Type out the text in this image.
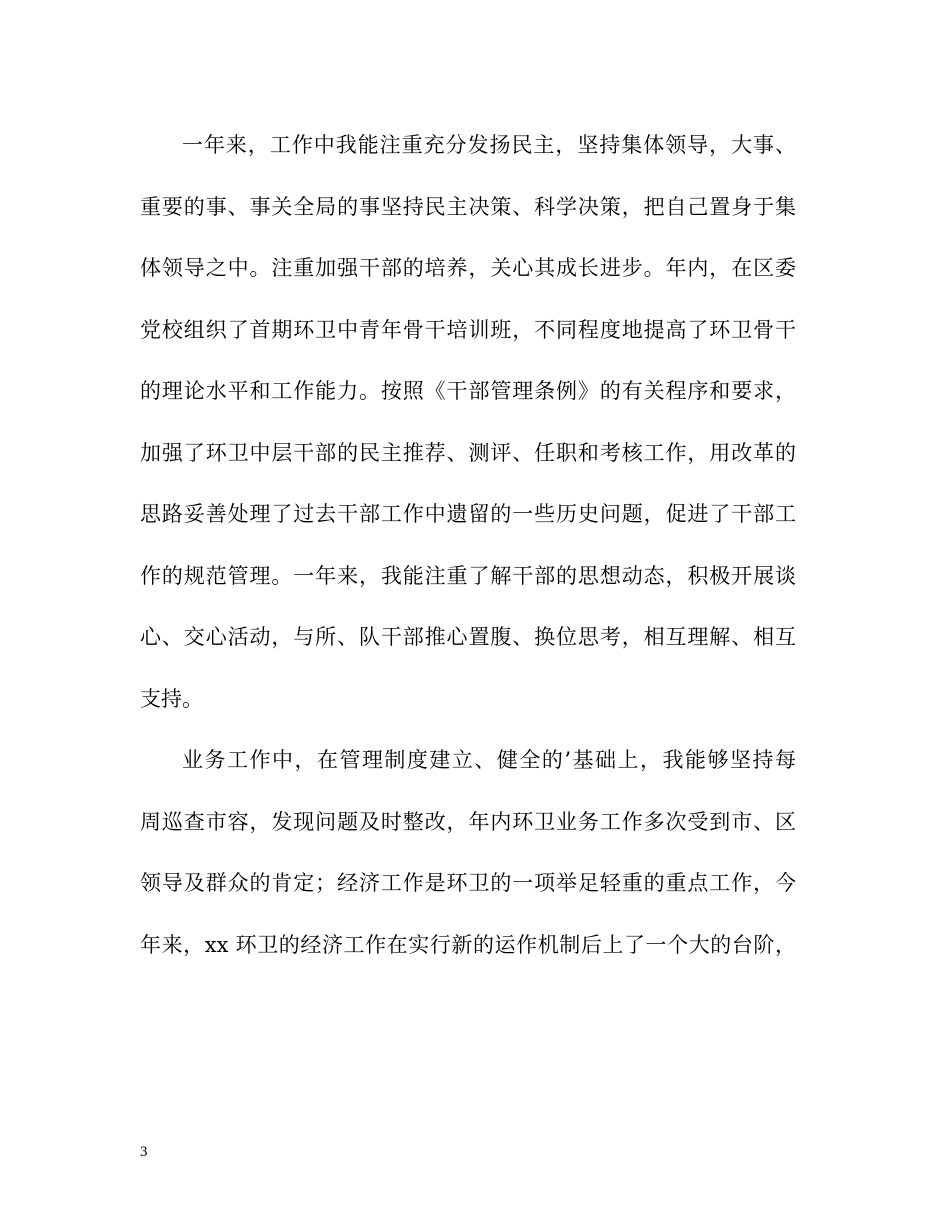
一年来，工作中我能注重充分发扬民主，坚持集体领导，大事、
重要的事、事关全局的事坚持民主决策、科学决策，把自己置身于集
体领导之中。注重加强干部的培养，关心其成长进步。年内，在区委
党校组织了首期环卫中青年骨干培训班，不同程度地提高了环卫骨干
的理论水平和工作能力。按照《干部管理条例》的有关程序和要求，
加强了环卫中层干部的民主推荐、测评、任职和考核工作，用改革的
思路妥善处理了过去干部工作中遗留的一些历史问题，促进了干部工
作的规范管理。一年来，我能注重了解干部的思想动态，积极开展谈
心、交心活动，与所、队干部推心置腹、换位思考，相互理解、相互
支持。
业务工作中，在管理制度建立、健全的’基础上，我能够坚持每
周巡查市容，发现问题及时整改，年内环卫业务工作多次受到市、区
领导及群众的肯定；经济工作是环卫的一项举足轻重的重点工作，今
年来，xx 环卫的经济工作在实行新的运作机制后上了一个大的台阶，
3
